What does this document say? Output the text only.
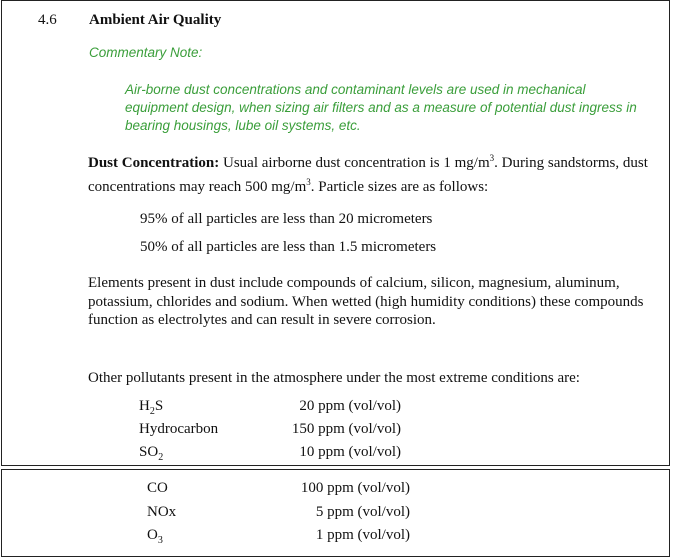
4.6 Ambient Air Quality
Commentary Note:
Air-borne dust concentrations and contaminant levels are used in mechanical equipment design, when sizing air filters and as a measure of potential dust ingress in bearing housings, lube oil systems, etc.
Dust Concentration: Usual airborne dust concentration is 1 $mg/m^3$. During sandstorms, dust concentrations may reach 500 $mg/m^3$. Particle sizes are as follows:
95% of all particles are less than 20 micrometers
50% of all particles are less than 1.5 micrometers
Elements present in dust include compounds of calcium, silicon, magnesium, aluminum, potassium, chlorides and sodium. When wetted (high humidity conditions) these compounds function as electrolytes and can result in severe corrosion.
Other pollutants present in the atmosphere under the most extreme conditions are:
$H_2S$	20 ppm (vol/vol)
Hydrocarbon	150 ppm (vol/vol)
$SO_2$	10 ppm (vol/vol)
CO	100 ppm (vol/vol)
NOx	5 ppm (vol/vol)
$O_3$	1 ppm (vol/vol)
